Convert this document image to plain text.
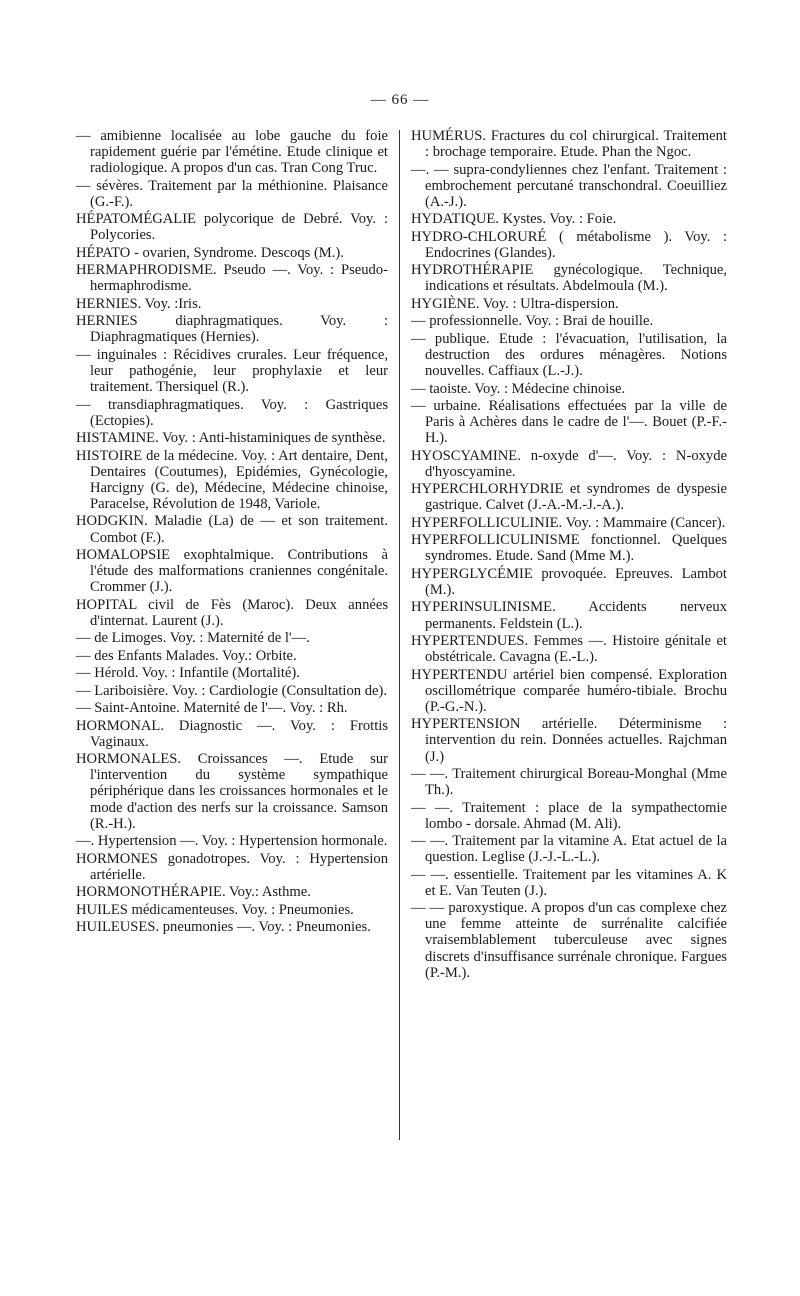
— 66 —

— amibienne localisée au lobe gauche du foie rapidement guérie par l'émétine. Etude clinique et radiologique. A propos d'un cas. Tran Cong Truc.

— sévères. Traitement par la méthionine. Plaisance (G.-F.).

HÉPATOMÉGALIE polycorique de Debré. Voy. : Polycories.

HÉPATO - ovarien, Syndrome. Descoqs (M.).

HERMAPHRODISME. Pseudo —. Voy. : Pseudo-hermaphrodisme.

HERNIES. Voy. :Iris.

HERNIES diaphragmatiques. Voy. : Diaphragmatiques (Hernies).

— inguinales : Récidives crurales. Leur fréquence, leur pathogénie, leur prophylaxie et leur traitement. Thersiquel (R.).

— transdiaphragmatiques. Voy. : Gastriques (Ectopies).

HISTAMINE. Voy. : Anti-histaminiques de synthèse.

HISTOIRE de la médecine. Voy. : Art dentaire, Dent, Dentaires (Coutumes), Epidémies, Gynécologie, Harcigny (G. de), Médecine, Médecine chinoise, Paracelse, Révolution de 1948, Variole.

HODGKIN. Maladie (La) de — et son traitement. Combot (F.).

HOMALOPSIE exophtalmique. Contributions à l'étude des malformations craniennes congénitale. Crommer (J.).

HOPITAL civil de Fès (Maroc). Deux années d'internat. Laurent (J.).

— de Limoges. Voy. : Maternité de l'—.

— des Enfants Malades. Voy.: Orbite.

— Hérold. Voy. : Infantile (Mortalité).

— Lariboisière. Voy. : Cardiologie (Consultation de).

— Saint-Antoine. Maternité de l'—. Voy. : Rh.

HORMONAL. Diagnostic —. Voy. : Frottis Vaginaux.

HORMONALES. Croissances —. Etude sur l'intervention du système sympathique périphérique dans les croissances hormonales et le mode d'action des nerfs sur la croissance. Samson (R.-H.).

—. Hypertension —. Voy. : Hypertension hormonale.

HORMONES gonadotropes. Voy. : Hypertension artérielle.

HORMONOTHÉRAPIE. Voy.: Asthme.

HUILES médicamenteuses. Voy. : Pneumonies.

HUILEUSES. pneumonies —. Voy. : Pneumonies.

HUMÉRUS. Fractures du col chirurgical. Traitement : brochage temporaire. Etude. Phan the Ngoc.

—. — supra-condyliennes chez l'enfant. Traitement : embrochement percutané transchondral. Coeuilliez (A.-J.).

HYDATIQUE. Kystes. Voy. : Foie.

HYDRO-CHLORURÉ ( métabolisme ). Voy. : Endocrines (Glandes).

HYDROTHÉRAPIE gynécologique. Technique, indications et résultats. Abdelmoula (M.).

HYGIÈNE. Voy. : Ultra-dispersion.

— professionnelle. Voy. : Brai de houille.

— publique. Etude : l'évacuation, l'utilisation, la destruction des ordures ménagères. Notions nouvelles. Caffiaux (L.-J.).

— taoiste. Voy. : Médecine chinoise.

— urbaine. Réalisations effectuées par la ville de Paris à Achères dans le cadre de l'—. Bouet (P.-F.-H.).

HYOSCYAMINE. n-oxyde d'—. Voy. : N-oxyde d'hyoscyamine.

HYPERCHLORHYDRIE et syndromes de dyspesie gastrique. Calvet (J.-A.-M.-J.-A.).

HYPERFOLLICULINIE. Voy. : Mammaire (Cancer).

HYPERFOLLICULINISME fonctionnel. Quelques syndromes. Etude. Sand (Mme M.).

HYPERGLYCÉMIE provoquée. Epreuves. Lambot (M.).

HYPERINSULINISME. Accidents nerveux permanents. Feldstein (L.).

HYPERTENDUES. Femmes —. Histoire génitale et obstétricale. Cavagna (E.-L.).

HYPERTENDU artériel bien compensé. Exploration oscillométrique comparée huméro-tibiale. Brochu (P.-G.-N.).

HYPERTENSION artérielle. Déterminisme : intervention du rein. Données actuelles. Rajchman (J.)

— —. Traitement chirurgical Boreau-Monghal (Mme Th.).

— —. Traitement : place de la sympathectomie lombo - dorsale. Ahmad (M. Ali).

— —. Traitement par la vitamine A. Etat actuel de la question. Leglise (J.-J.-L.-L.).

— —. essentielle. Traitement par les vitamines A. K et E. Van Teuten (J.).

— — paroxystique. A propos d'un cas complexe chez une femme atteinte de surrénalite calcifiée vraisemblablement tuberculeuse avec signes discrets d'insuffisance surrénale chronique. Fargues (P.-M.).
